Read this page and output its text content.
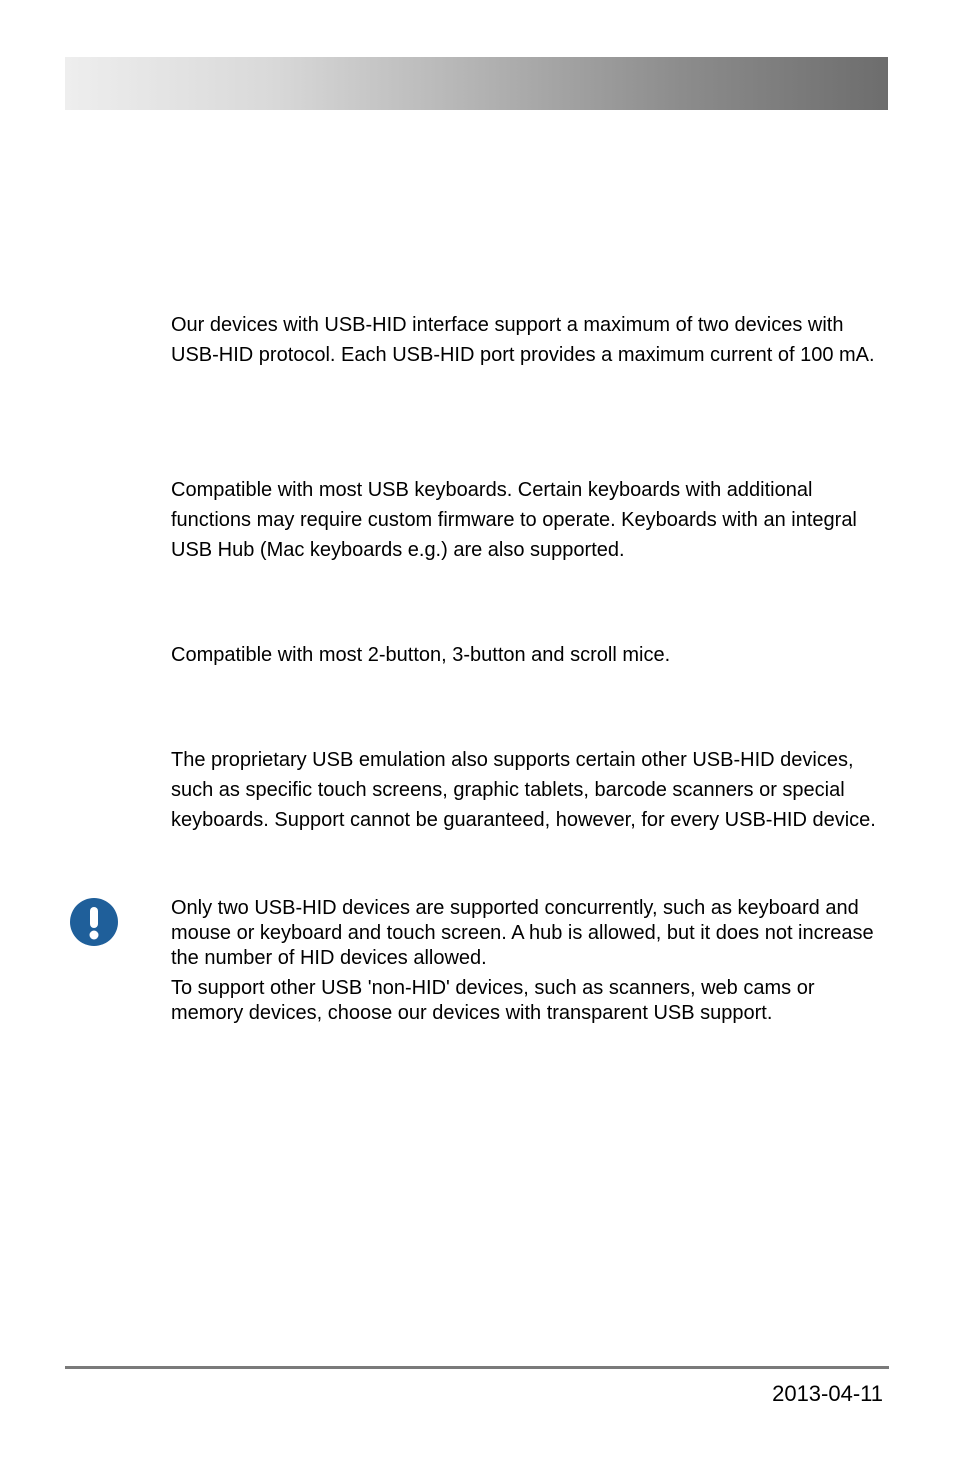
Our devices with USB-HID interface support a maximum of two devices with USB-HID protocol. Each USB-HID port provides a maximum current of 100 mA.

Compatible with most USB keyboards. Certain keyboards with additional functions may require custom firmware to operate. Keyboards with an integral USB Hub (Mac keyboards e.g.) are also supported.

Compatible with most 2-button, 3-button and scroll mice.

The proprietary USB emulation also supports certain other USB-HID devices, such as specific touch screens, graphic tablets, barcode scanners or special keyboards. Support cannot be guaranteed, however, for every USB-HID device.

Only two USB-HID devices are supported concurrently, such as keyboard and mouse or keyboard and touch screen. A hub is allowed, but it does not increase the number of HID devices allowed.

To support other USB 'non-HID' devices, such as scanners, web cams or memory devices, choose our devices with transparent USB support.

2013-04-11
